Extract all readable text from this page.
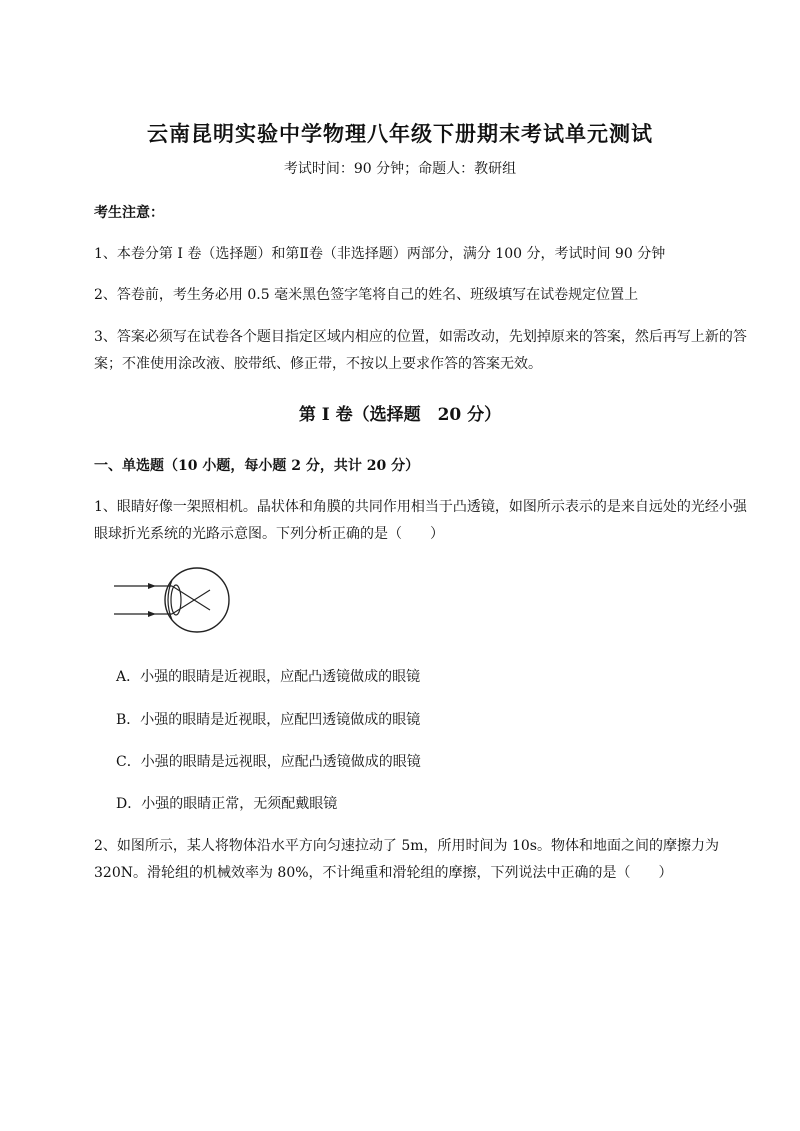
云南昆明实验中学物理八年级下册期末考试单元测试
考试时间：90 分钟；命题人：教研组
考生注意：
1、本卷分第 I 卷（选择题）和第Ⅱ卷（非选择题）两部分，满分 100 分，考试时间 90 分钟
2、答卷前，考生务必用 0.5 毫米黑色签字笔将自己的姓名、班级填写在试卷规定位置上
3、答案必须写在试卷各个题目指定区域内相应的位置，如需改动，先划掉原来的答案，然后再写上新的答案；不准使用涂改液、胶带纸、修正带，不按以上要求作答的答案无效。
第 I 卷（选择题　20 分）
一、单选题（10 小题，每小题 2 分，共计 20 分）
1、眼睛好像一架照相机。晶状体和角膜的共同作用相当于凸透镜，如图所示表示的是来自远处的光经小强眼球折光系统的光路示意图。下列分析正确的是（　　）
A．小强的眼睛是近视眼，应配凸透镜做成的眼镜
B．小强的眼睛是近视眼，应配凹透镜做成的眼镜
C．小强的眼睛是远视眼，应配凸透镜做成的眼镜
D．小强的眼睛正常，无须配戴眼镜
2、如图所示，某人将物体沿水平方向匀速拉动了 5m，所用时间为 10s。物体和地面之间的摩擦力为 320N。滑轮组的机械效率为 80%，不计绳重和滑轮组的摩擦，下列说法中正确的是（　　）
